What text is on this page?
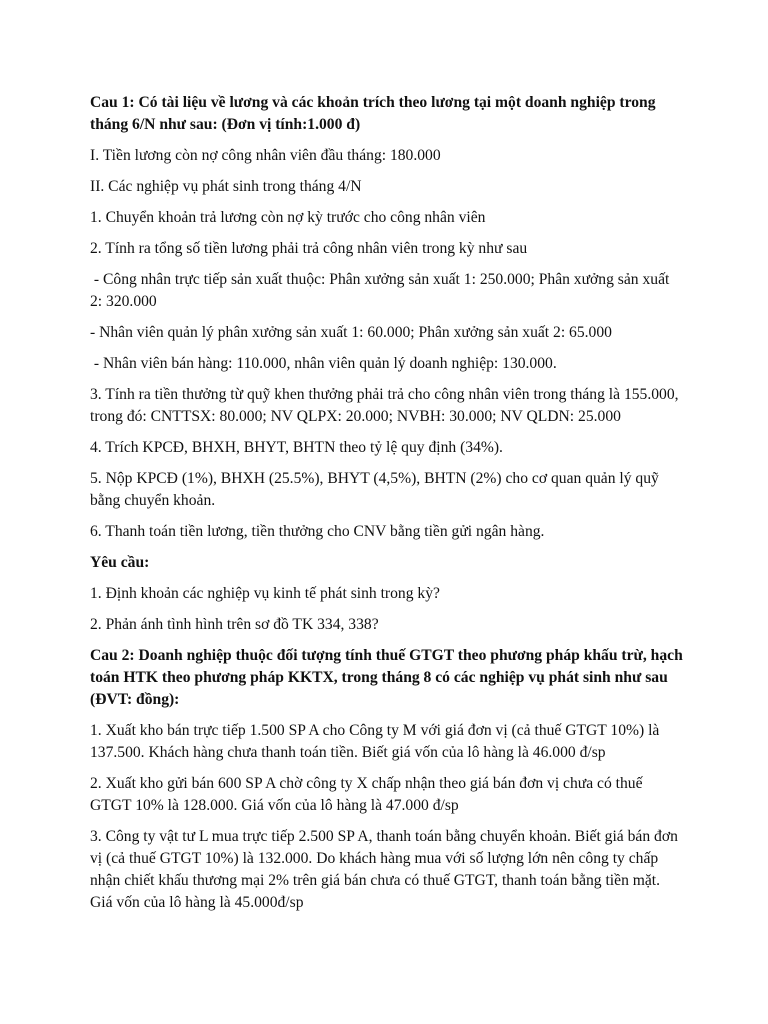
Cau 1: Có tài liệu về lương và các khoản trích theo lương tại một doanh nghiệp trong tháng 6/N như sau: (Đơn vị tính:1.000 đ)

I. Tiền lương còn nợ công nhân viên đầu tháng: 180.000

II. Các nghiệp vụ phát sinh trong tháng 4/N

1. Chuyển khoản trả lương còn nợ kỳ trước cho công nhân viên

2. Tính ra tổng số tiền lương phải trả công nhân viên trong kỳ như sau

- Công nhân trực tiếp sản xuất thuộc: Phân xưởng sản xuất 1: 250.000; Phân xưởng sản xuất 2: 320.000

- Nhân viên quản lý phân xưởng sản xuất 1: 60.000; Phân xưởng sản xuất 2: 65.000

- Nhân viên bán hàng: 110.000, nhân viên quản lý doanh nghiệp: 130.000.

3. Tính ra tiền thưởng từ quỹ khen thưởng phải trả cho công nhân viên trong tháng là 155.000, trong đó: CNTTSX: 80.000; NV QLPX: 20.000; NVBH: 30.000; NV QLDN: 25.000

4. Trích KPCĐ, BHXH, BHYT, BHTN theo tỷ lệ quy định (34%).

5. Nộp KPCĐ (1%), BHXH (25.5%), BHYT (4,5%), BHTN (2%) cho cơ quan quản lý quỹ bằng chuyển khoản.

6. Thanh toán tiền lương, tiền thưởng cho CNV bằng tiền gửi ngân hàng.

Yêu cầu:

1. Định khoản các nghiệp vụ kinh tế phát sinh trong kỳ?

2. Phản ánh tình hình trên sơ đồ TK 334, 338?

Cau 2: Doanh nghiệp thuộc đối tượng tính thuế GTGT theo phương pháp khấu trừ, hạch toán HTK theo phương pháp KKTX, trong tháng 8 có các nghiệp vụ phát sinh như sau (ĐVT: đồng):

1. Xuất kho bán trực tiếp 1.500 SP A cho Công ty M với giá đơn vị (cả thuế GTGT 10%) là 137.500. Khách hàng chưa thanh toán tiền. Biết giá vốn của lô hàng là 46.000 đ/sp

2. Xuất kho gửi bán 600 SP A chờ công ty X chấp nhận theo giá bán đơn vị chưa có thuế GTGT 10% là 128.000. Giá vốn của lô hàng là 47.000 đ/sp

3. Công ty vật tư L mua trực tiếp 2.500 SP A, thanh toán bằng chuyển khoản. Biết giá bán đơn vị (cả thuế GTGT 10%) là 132.000. Do khách hàng mua với số lượng lớn nên công ty chấp nhận chiết khấu thương mại 2% trên giá bán chưa có thuế GTGT, thanh toán bằng tiền mặt. Giá vốn của lô hàng là 45.000đ/sp
